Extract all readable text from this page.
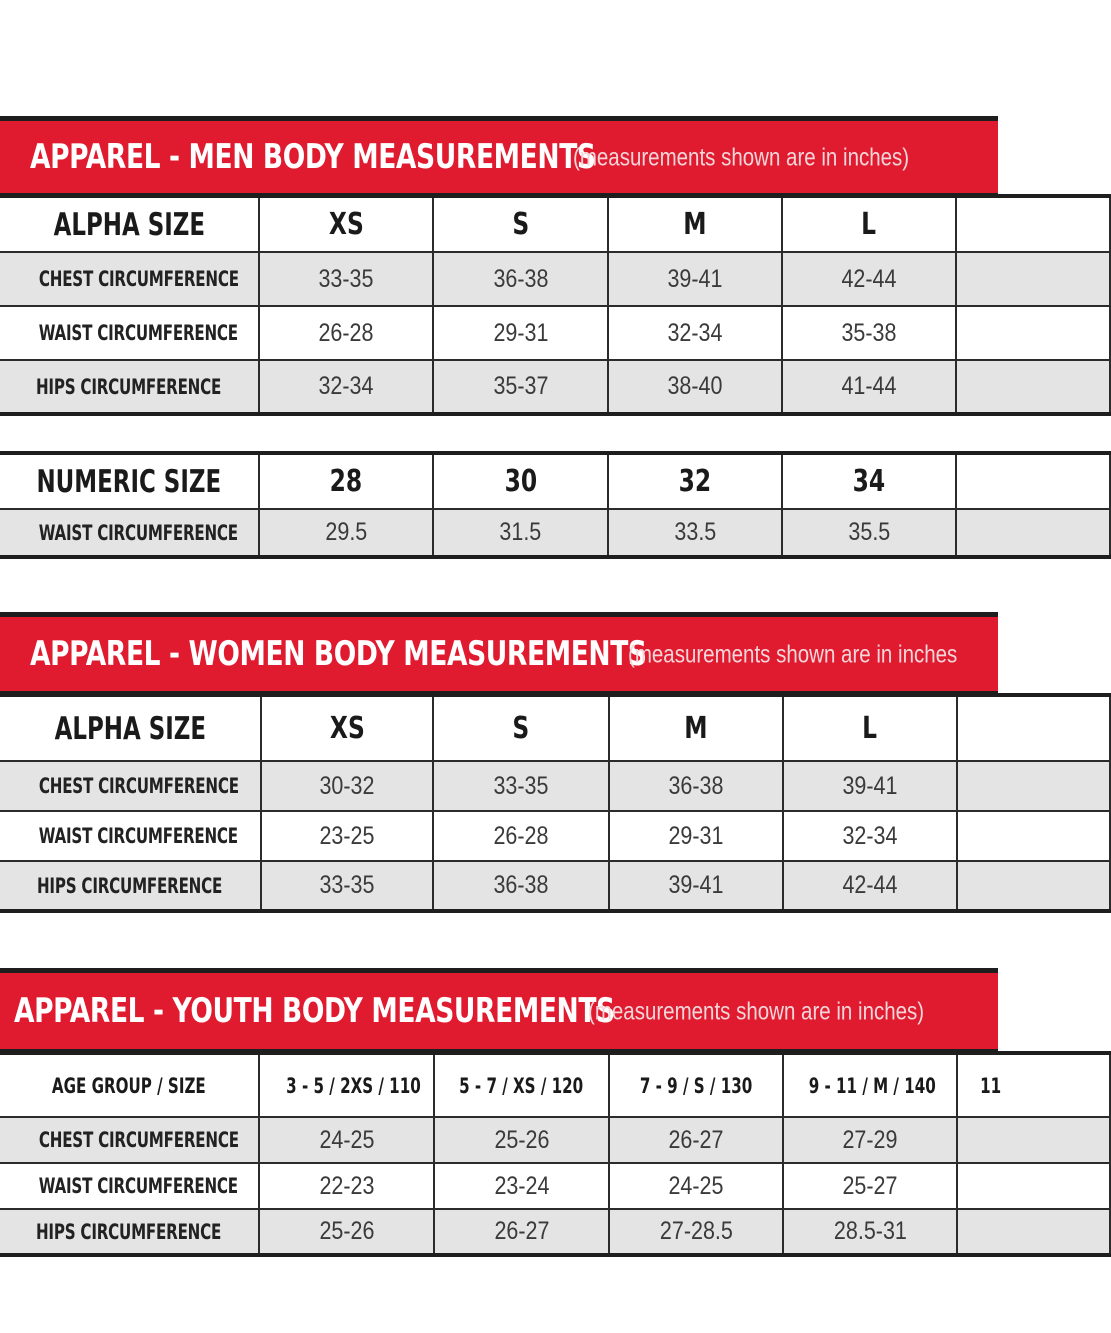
APPAREL - MEN BODY MEASUREMENTS
(measurements shown are in inches)
ALPHA SIZE	XS	S	M	L	
CHEST CIRCUMFERENCE	33-35	36-38	39-41	42-44	
WAIST CIRCUMFERENCE	26-28	29-31	32-34	35-38	
HIPS CIRCUMFERENCE	32-34	35-37	38-40	41-44	
NUMERIC SIZE	28	30	32	34	
WAIST CIRCUMFERENCE	29.5	31.5	33.5	35.5	
APPAREL - WOMEN BODY MEASUREMENTS
(measurements shown are in inches
ALPHA SIZE	XS	S	M	L	
CHEST CIRCUMFERENCE	30-32	33-35	36-38	39-41	
WAIST CIRCUMFERENCE	23-25	26-28	29-31	32-34	
HIPS CIRCUMFERENCE	33-35	36-38	39-41	42-44	
APPAREL - YOUTH BODY MEASUREMENTS
(measurements shown are in inches)
AGE GROUP / SIZE	3 - 5 / 2XS / 110	5 - 7 / XS / 120	7 - 9 / S / 130	9 - 11 / M / 140	11
CHEST CIRCUMFERENCE	24-25	25-26	26-27	27-29	
WAIST CIRCUMFERENCE	22-23	23-24	24-25	25-27	
HIPS CIRCUMFERENCE	25-26	26-27	27-28.5	28.5-31	
